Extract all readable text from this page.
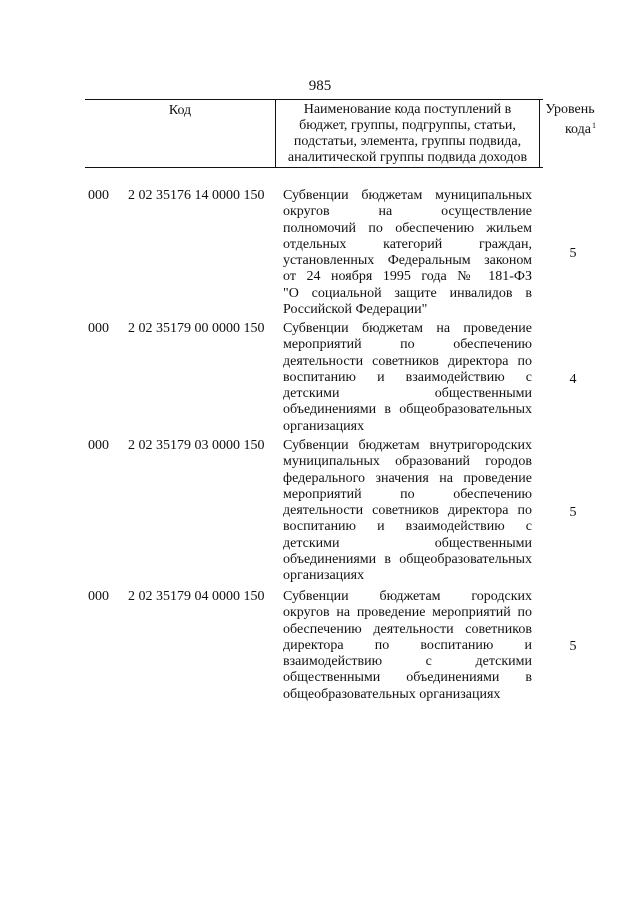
985
Код	Наименование кода поступлений в
бюджет, группы, подгруппы, статьи,
подстатьи, элемента, группы подвида,
аналитической группы подвида доходов
Уровень
кода$^1$
000 2 02 35176 14 0000 150 Субвенции бюджетам муниципальных
округов на осуществление
полномочий по обеспечению жильем
отдельных категорий граждан,
установленных Федеральным законом
от 24 ноября 1995 года № 181-ФЗ
"О социальной защите инвалидов в
Российской Федерации"
5
000 2 02 35179 00 0000 150 Субвенции бюджетам на проведение
мероприятий по обеспечению
деятельности советников директора по
воспитанию и взаимодействию с
детскими общественными
объединениями в общеобразовательных
организациях
4
000 2 02 35179 03 0000 150 Субвенции бюджетам внутригородских
муниципальных образований городов
федерального значения на проведение
мероприятий по обеспечению
деятельности советников директора по
воспитанию и взаимодействию с
детскими общественными
объединениями в общеобразовательных
организациях
5
000 2 02 35179 04 0000 150 Субвенции бюджетам городских
округов на проведение мероприятий по
обеспечению деятельности советников
директора по воспитанию и
взаимодействию с детскими
общественными объединениями в
общеобразовательных организациях
5
